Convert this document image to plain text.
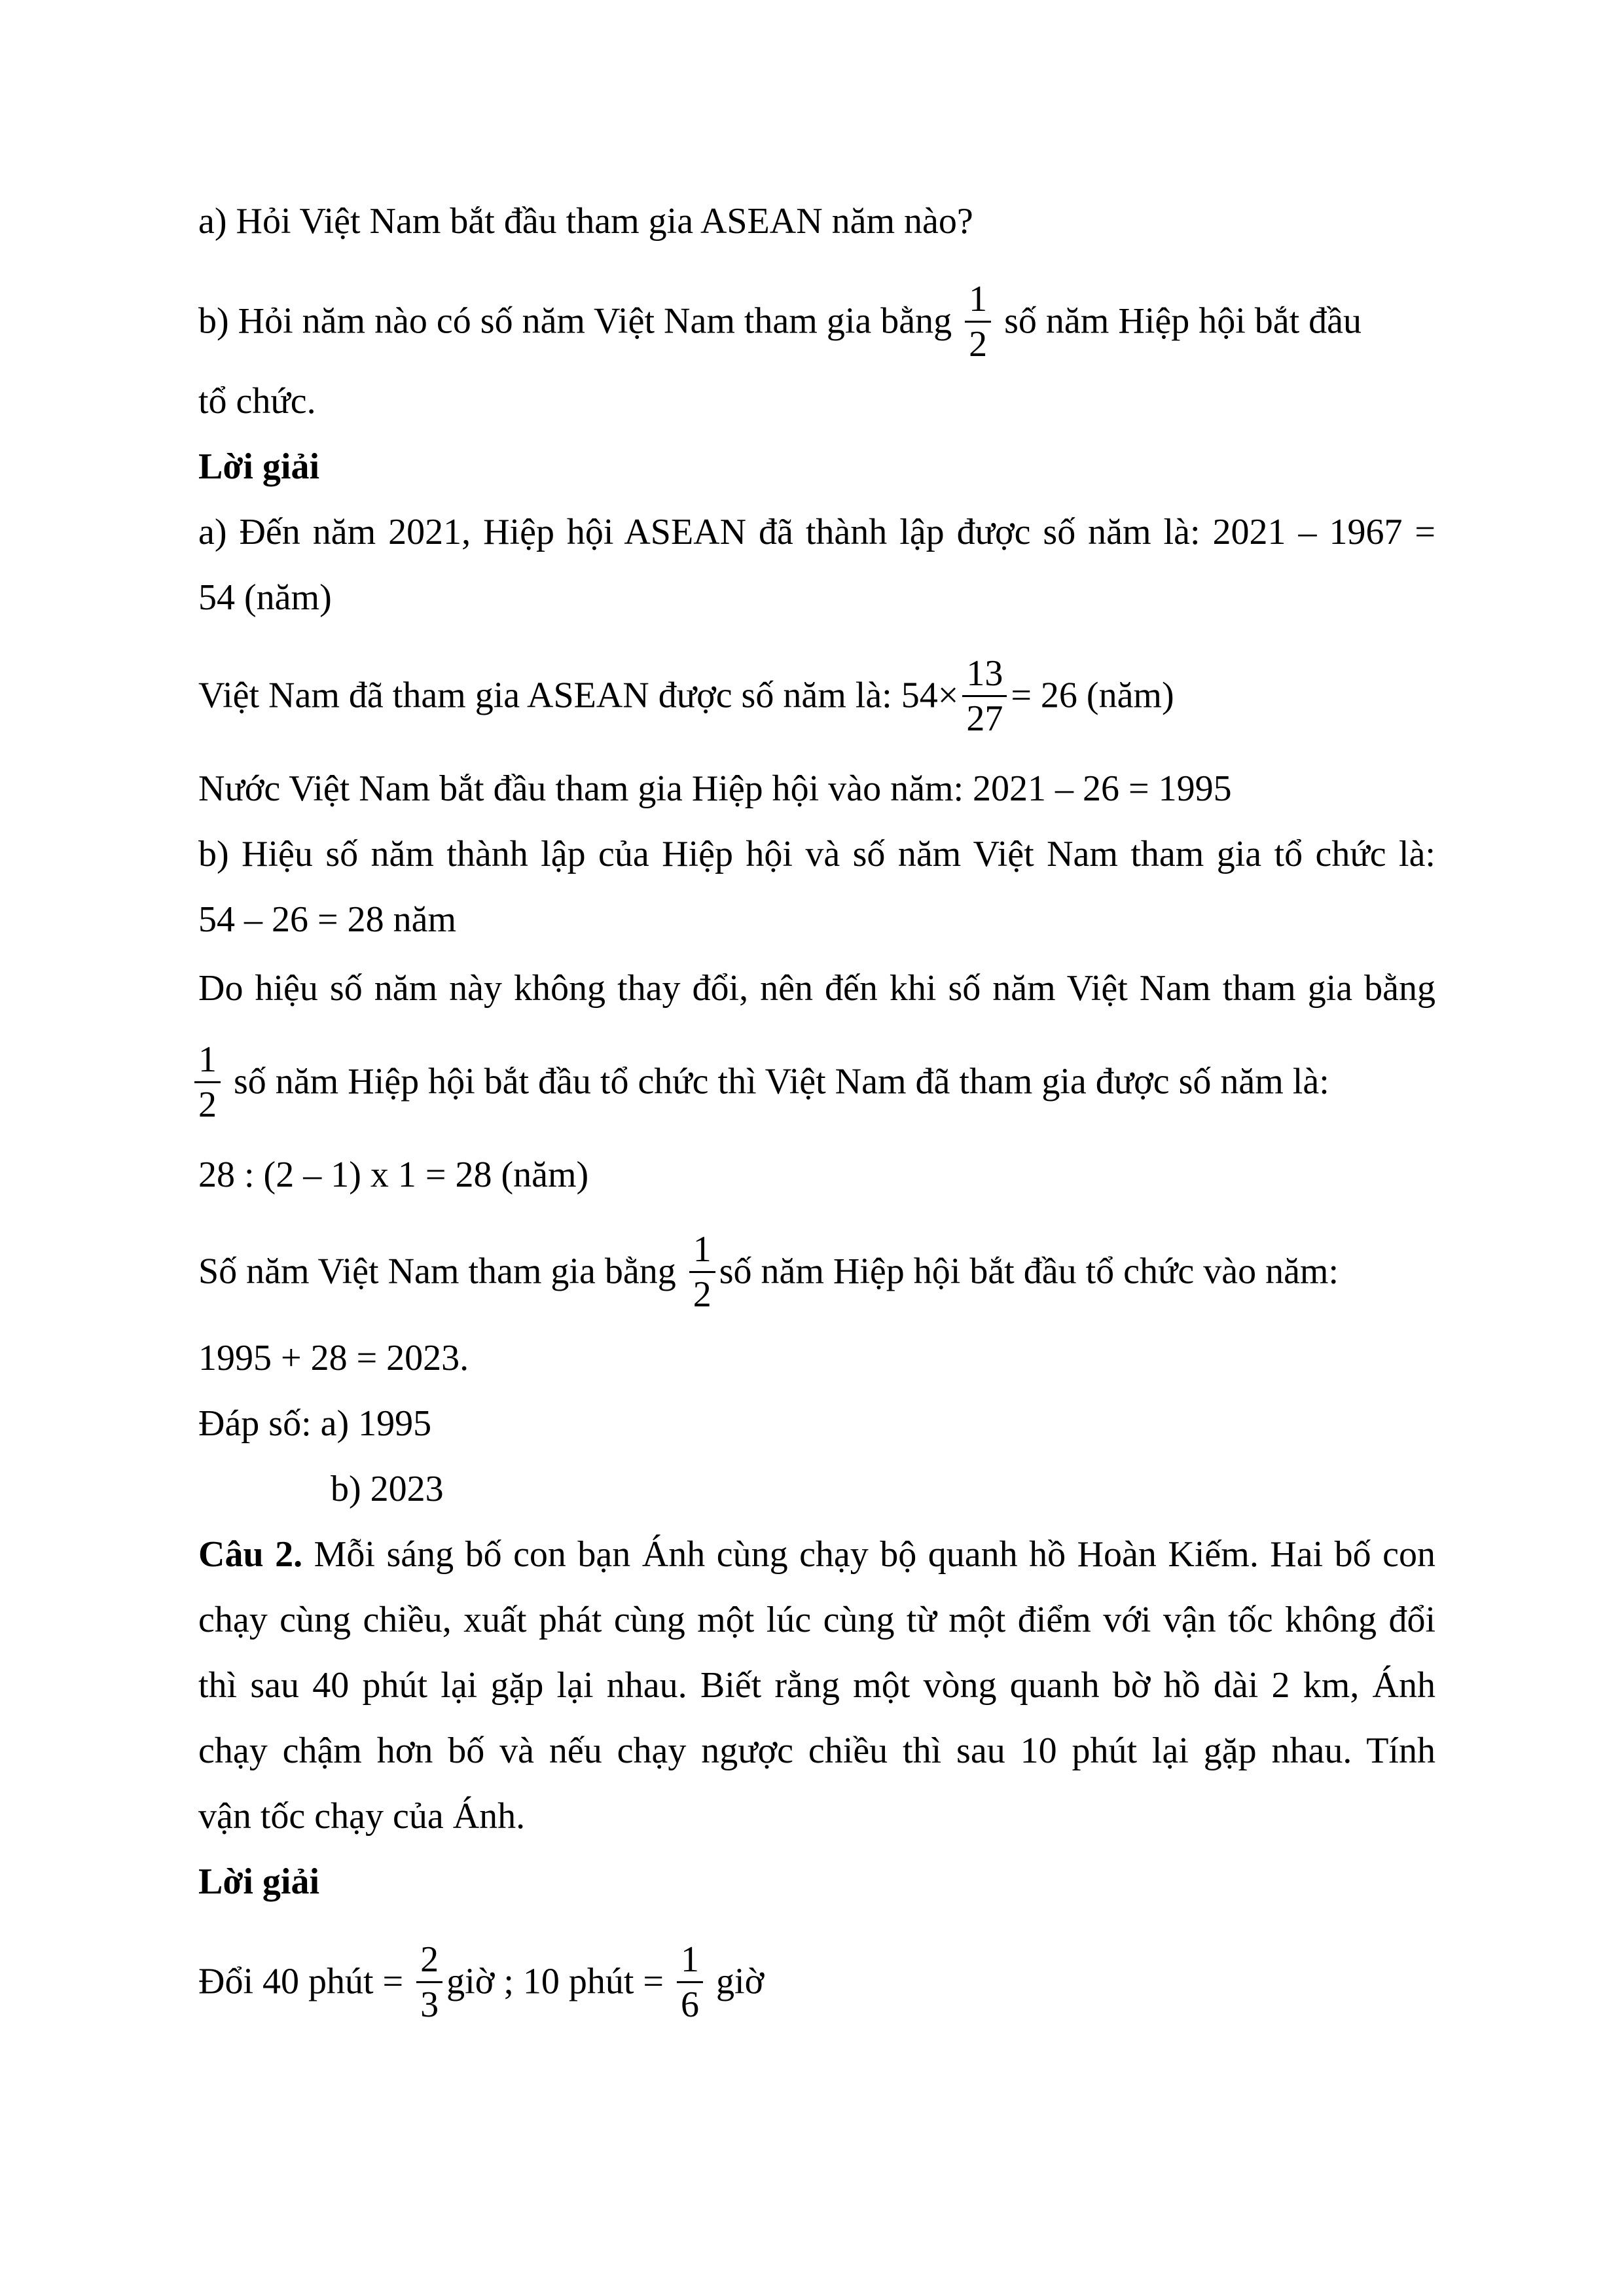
a) Hỏi Việt Nam bắt đầu tham gia ASEAN năm nào?
b) Hỏi năm nào có số năm Việt Nam tham gia bằng $\frac{1}{2}$ số năm Hiệp hội bắt đầu
tổ chức.
Lời giải
a) Đến năm 2021, Hiệp hội ASEAN đã thành lập được số năm là: 2021 – 1967 =
54 (năm)
Việt Nam đã tham gia ASEAN được số năm là: $54\times \frac{13}{27} = 26$ (năm)
Nước Việt Nam bắt đầu tham gia Hiệp hội vào năm: 2021 – 26 = 1995
b) Hiệu số năm thành lập của Hiệp hội và số năm Việt Nam tham gia tổ chức là:
54 – 26 = 28 năm
Do hiệu số năm này không thay đổi, nên đến khi số năm Việt Nam tham gia bằng
$\frac{1}{2}$ số năm Hiệp hội bắt đầu tổ chức thì Việt Nam đã tham gia được số năm là:
28 : (2 – 1) x 1 = 28 (năm)
Số năm Việt Nam tham gia bằng $\frac{1}{2}$ số năm Hiệp hội bắt đầu tổ chức vào năm:
1995 + 28 = 2023.
Đáp số: a) 1995
b) 2023
Câu 2. Mỗi sáng bố con bạn Ánh cùng chạy bộ quanh hồ Hoàn Kiếm. Hai bố con
chạy cùng chiều, xuất phát cùng một lúc cùng từ một điểm với vận tốc không đổi
thì sau 40 phút lại gặp lại nhau. Biết rằng một vòng quanh bờ hồ dài 2 km, Ánh
chạy chậm hơn bố và nếu chạy ngược chiều thì sau 10 phút lại gặp nhau. Tính
vận tốc chạy của Ánh.
Lời giải
Đổi 40 phút = $\frac{2}{3}$ giờ ; 10 phút = $\frac{1}{6}$ giờ
